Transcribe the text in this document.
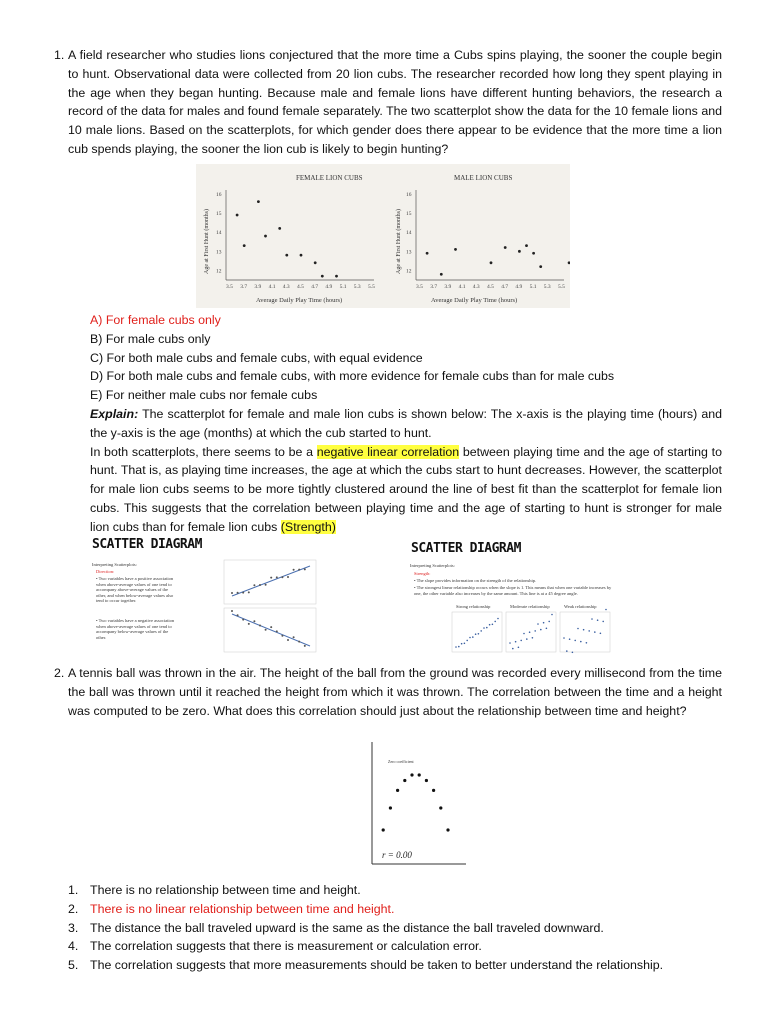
1. A field researcher who studies lions conjectured that the more time a Cubs spins playing, the sooner the couple begin to hunt. Observational data were collected from 20 lion cubs. The researcher recorded how long they spent playing in the age when they began hunting. Because male and female lions have different hunting behaviors, the research a record of the data for males and found female separately. The two scatterplot show the data for the 10 female lions and 10 male lions. Based on the scatterplots, for which gender does there appear to be evidence that the more time a lion cub spends playing, the sooner the lion cub is likely to begin hunting?
FEMALE LION CUBS	MALE LION CUBS
Age at First Hunt (months)	Age at First Hunt (months)
Average Daily Play Time (hours)	Average Daily Play Time (hours)
16
15
14
13
12
3.5 3.7 3.9 4.1 4.3 4.5 4.7 4.9 5.1 5.3 5.5
16
15
14
13
12
3.5 3.7 3.9 4.1 4.3 4.5 4.7 4.9 5.1 5.3 5.5
A) For female cubs only
B) For male cubs only
C) For both male cubs and female cubs, with equal evidence
D) For both male cubs and female cubs, with more evidence for female cubs than for male cubs
E) For neither male cubs nor female cubs
Explain: The scatterplot for female and male lion cubs is shown below: The x-axis is the playing time (hours) and the y-axis is the age (months) at which the cub started to hunt.
In both scatterplots, there seems to be a negative linear correlation between playing time and the age of starting to hunt. That is, as playing time increases, the age at which the cubs start to hunt decreases. However, the scatterplot for male lion cubs seems to be more tightly clustered around the line of best fit than the scatterplot for female lion cubs. This suggests that the correlation between playing time and the age of starting to hunt is stronger for male lion cubs than for female lion cubs (Strength)
SCATTER DIAGRAM	SCATTER DIAGRAM
Interpreting Scatterplots:
Direction:
• Two variables have a positive association when above-average values of one tend to accompany above-average values of the other, and when below-average values also tend to occur together.
• Two variables have a negative association when above-average values of one tend to accompany below-average values of the other.
Interpreting Scatterplots:
Strength:
• The slope provides information on the strength of the relationship.
• The strongest linear relationship occurs when the slope is 1. This means that when one variable increases by one, the other variable also increases by the same amount. This line is at a 45 degree angle.
Strong relationship	Moderate relationship	Weak relationship
2. A tennis ball was thrown in the air. The height of the ball from the ground was recorded every millisecond from the time the ball was thrown until it reached the height from which it was thrown. The correlation between the time and a height was computed to be zero. What does this correlation should just about the relationship between time and height?
Zero coefficient
r = 0.00
1. There is no relationship between time and height.
2. There is no linear relationship between time and height.
3. The distance the ball traveled upward is the same as the distance the ball traveled downward.
4. The correlation suggests that there is measurement or calculation error.
5. The correlation suggests that more measurements should be taken to better understand the relationship.
